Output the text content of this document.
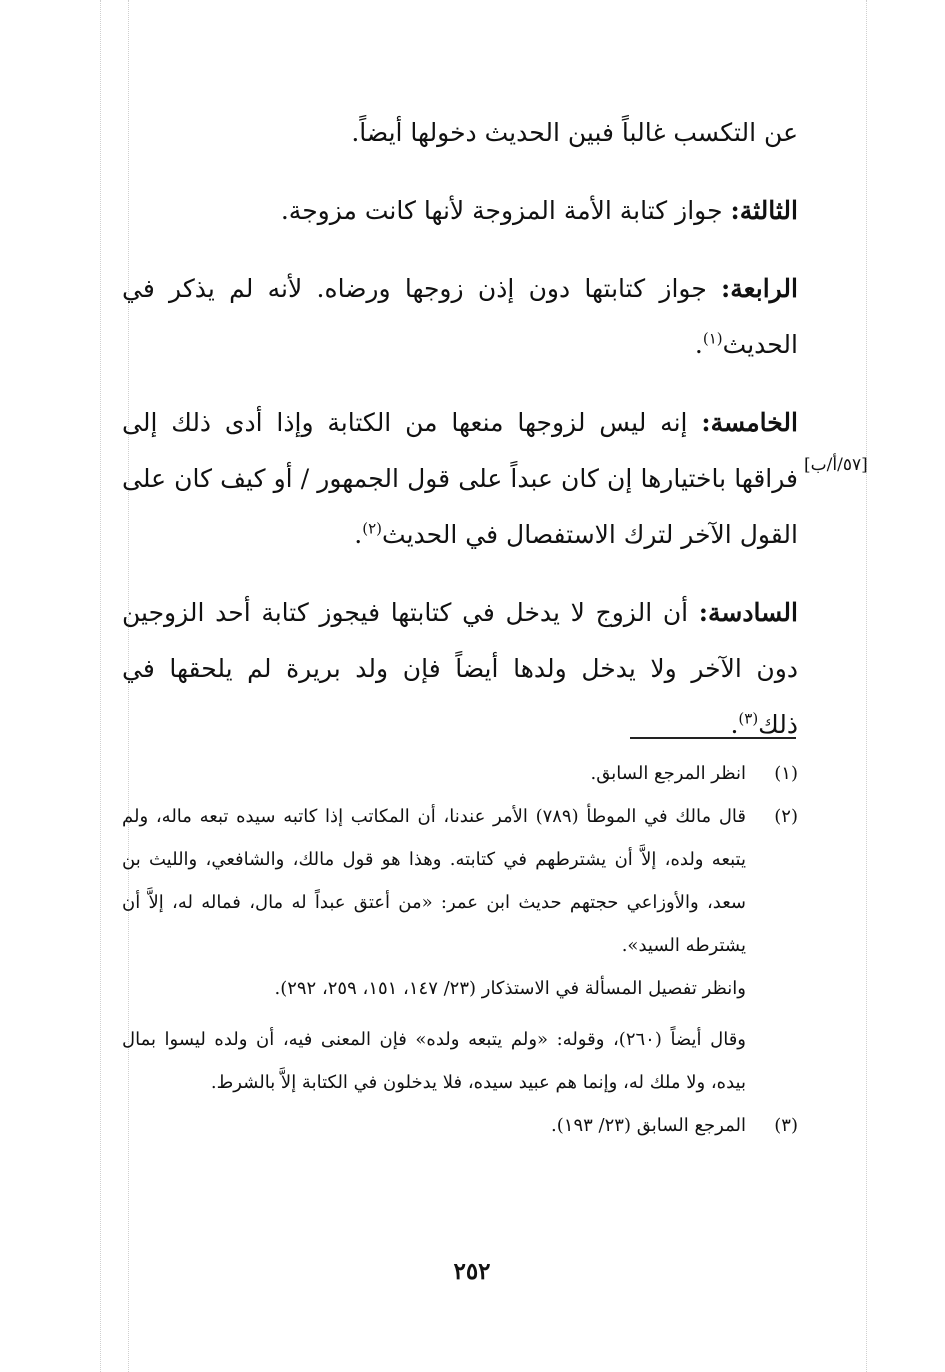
عن التكسب غالباً فبين الحديث دخولها أيضاً.

الثالثة: جواز كتابة الأمة المزوجة لأنها كانت مزوجة.

الرابعة: جواز كتابتها دون إذن زوجها ورضاه. لأنه لم يذكر في الحديث$^{(١)}$.

الخامسة: إنه ليس لزوجها منعها من الكتابة وإذا أدى ذلك إلى فراقها باختيارها إن كان عبداً على قول الجمهور / أو كيف كان على القول الآخر لترك الاستفصال في الحديث$^{(٢)}$.

السادسة: أن الزوج لا يدخل في كتابتها فيجوز كتابة أحد الزوجين دون الآخر ولا يدخل ولدها أيضاً فإن ولد بريرة لم يلحقها في ذلك$^{(٣)}$.

[٥٧/أ/ب]
(١)

انظر المرجع السابق.

(٢)

قال مالك في الموطأ (٧٨٩) الأمر عندنا، أن المكاتب إذا كاتبه سيده تبعه ماله، ولم يتبعه ولده، إلاَّ أن يشترطهم في كتابته. وهذا هو قول مالك، والشافعي، والليث بن سعد، والأوزاعي حجتهم حديث ابن عمر: «من أعتق عبداً له مال، فماله له، إلاَّ أن يشترطه السيد».

وانظر تفصيل المسألة في الاستذكار (٢٣/ ١٤٧، ١٥١، ٢٥٩، ٢٩٢).

وقال أيضاً (٢٦٠)، وقوله: «ولم يتبعه ولده» فإن المعنى فيه، أن ولده ليسوا بمال بيده، ولا ملك له، وإنما هم عبيد سيده، فلا يدخلون في الكتابة إلاَّ بالشرط.

(٣)

المرجع السابق (٢٣/ ١٩٣).

٢٥٢
